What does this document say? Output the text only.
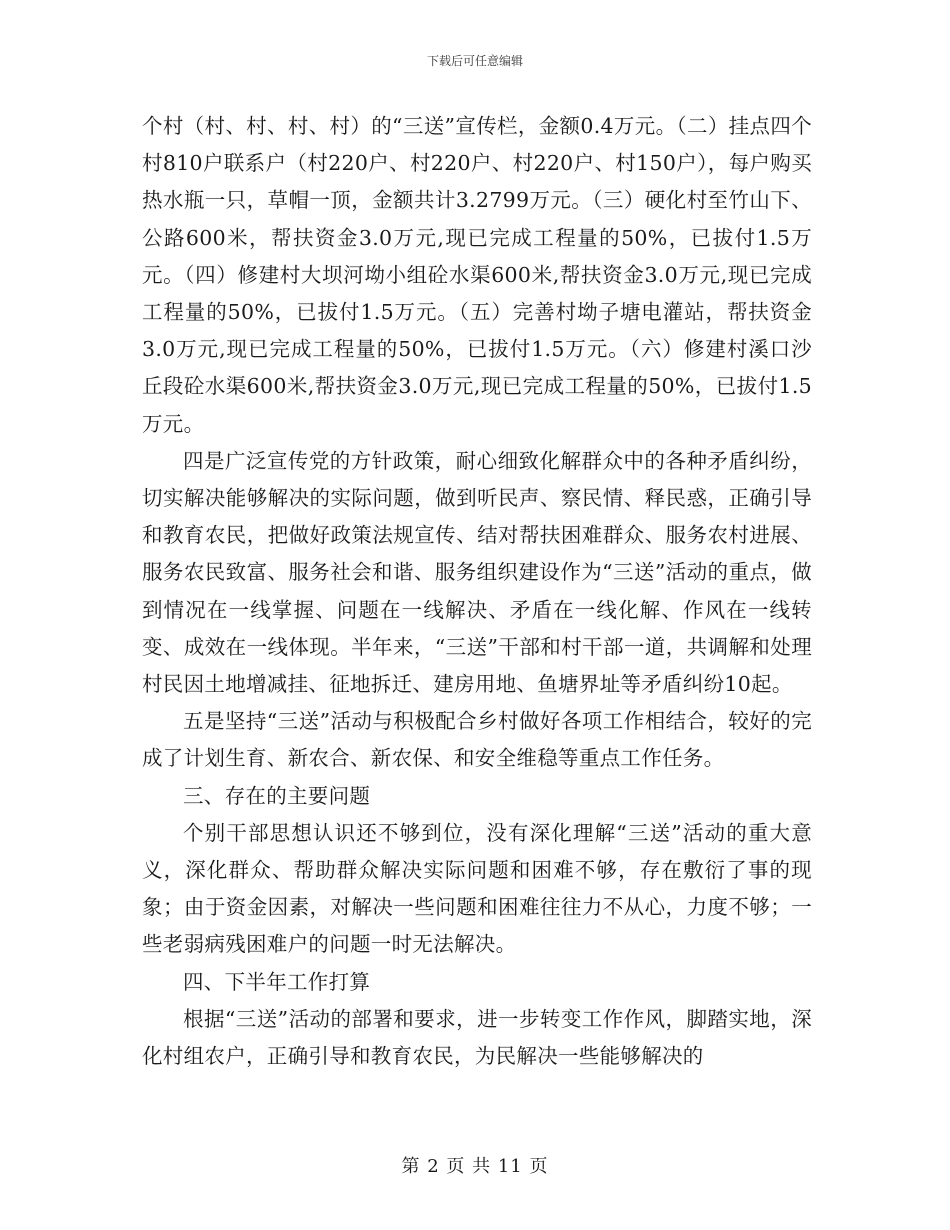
下载后可任意编辑

个村（村、村、村、村）的“三送”宣传栏，金额0.4万元。（二）挂点四个村810户联系户（村220户、村220户、村220户、村150户），每户购买热水瓶一只，草帽一顶，金额共计3.2799万元。（三）硬化村至竹山下、公路600米，帮扶资金3.0万元,现已完成工程量的50%，已拔付1.5万元。（四）修建村大坝河坳小组砼水渠600米,帮扶资金3.0万元,现已完成工程量的50%，已拔付1.5万元。（五）完善村坳子塘电灌站，帮扶资金3.0万元,现已完成工程量的50%，已拔付1.5万元。（六）修建村溪口沙丘段砼水渠600米,帮扶资金3.0万元,现已完成工程量的50%，已拔付1.5万元。

四是广泛宣传党的方针政策，耐心细致化解群众中的各种矛盾纠纷，切实解决能够解决的实际问题，做到听民声、察民情、释民惑，正确引导和教育农民，把做好政策法规宣传、结对帮扶困难群众、服务农村进展、服务农民致富、服务社会和谐、服务组织建设作为“三送”活动的重点，做到情况在一线掌握、问题在一线解决、矛盾在一线化解、作风在一线转变、成效在一线体现。半年来，“三送”干部和村干部一道，共调解和处理村民因土地增减挂、征地拆迁、建房用地、鱼塘界址等矛盾纠纷10起。

五是坚持“三送”活动与积极配合乡村做好各项工作相结合，较好的完成了计划生育、新农合、新农保、和安全维稳等重点工作任务。

三、存在的主要问题

个别干部思想认识还不够到位，没有深化理解“三送”活动的重大意义，深化群众、帮助群众解决实际问题和困难不够，存在敷衍了事的现象；由于资金因素，对解决一些问题和困难往往力不从心，力度不够；一些老弱病残困难户的问题一时无法解决。

四、下半年工作打算

根据“三送”活动的部署和要求，进一步转变工作作风，脚踏实地，深化村组农户，正确引导和教育农民，为民解决一些能够解决的

第 2 页 共 11 页
